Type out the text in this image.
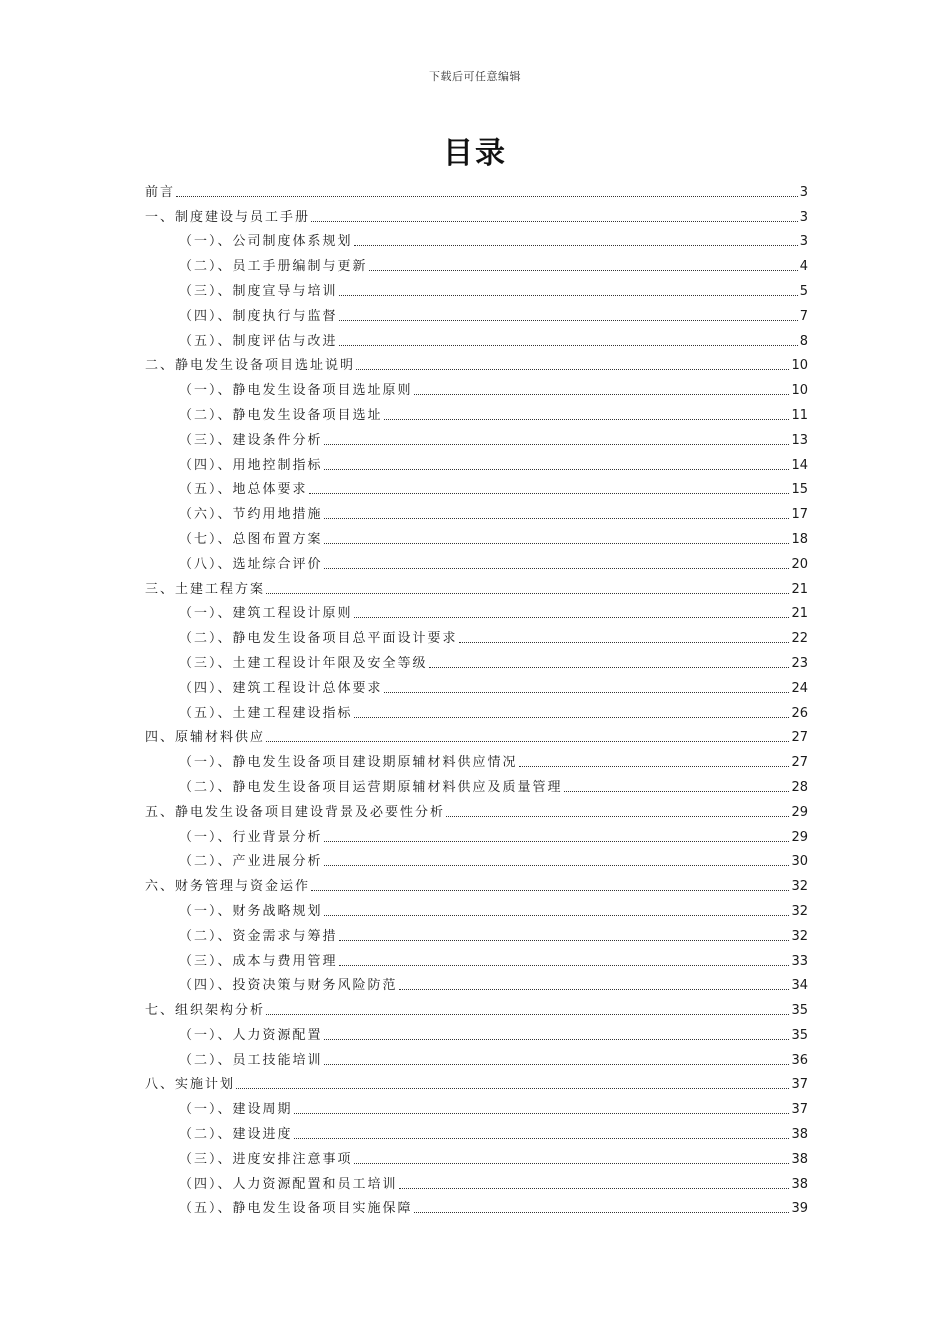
下载后可任意编辑
目录
前言	3
一、制度建设与员工手册	3
（一）、公司制度体系规划	3
（二）、员工手册编制与更新	4
（三）、制度宣导与培训	5
（四）、制度执行与监督	7
（五）、制度评估与改进	8
二、静电发生设备项目选址说明	10
（一）、静电发生设备项目选址原则	10
（二）、静电发生设备项目选址	11
（三）、建设条件分析	13
（四）、用地控制指标	14
（五）、地总体要求	15
（六）、节约用地措施	17
（七）、总图布置方案	18
（八）、选址综合评价	20
三、土建工程方案	21
（一）、建筑工程设计原则	21
（二）、静电发生设备项目总平面设计要求	22
（三）、土建工程设计年限及安全等级	23
（四）、建筑工程设计总体要求	24
（五）、土建工程建设指标	26
四、原辅材料供应	27
（一）、静电发生设备项目建设期原辅材料供应情况	27
（二）、静电发生设备项目运营期原辅材料供应及质量管理	28
五、静电发生设备项目建设背景及必要性分析	29
（一）、行业背景分析	29
（二）、产业进展分析	30
六、财务管理与资金运作	32
（一）、财务战略规划	32
（二）、资金需求与筹措	32
（三）、成本与费用管理	33
（四）、投资决策与财务风险防范	34
七、组织架构分析	35
（一）、人力资源配置	35
（二）、员工技能培训	36
八、实施计划	37
（一）、建设周期	37
（二）、建设进度	38
（三）、进度安排注意事项	38
（四）、人力资源配置和员工培训	38
（五）、静电发生设备项目实施保障	39
